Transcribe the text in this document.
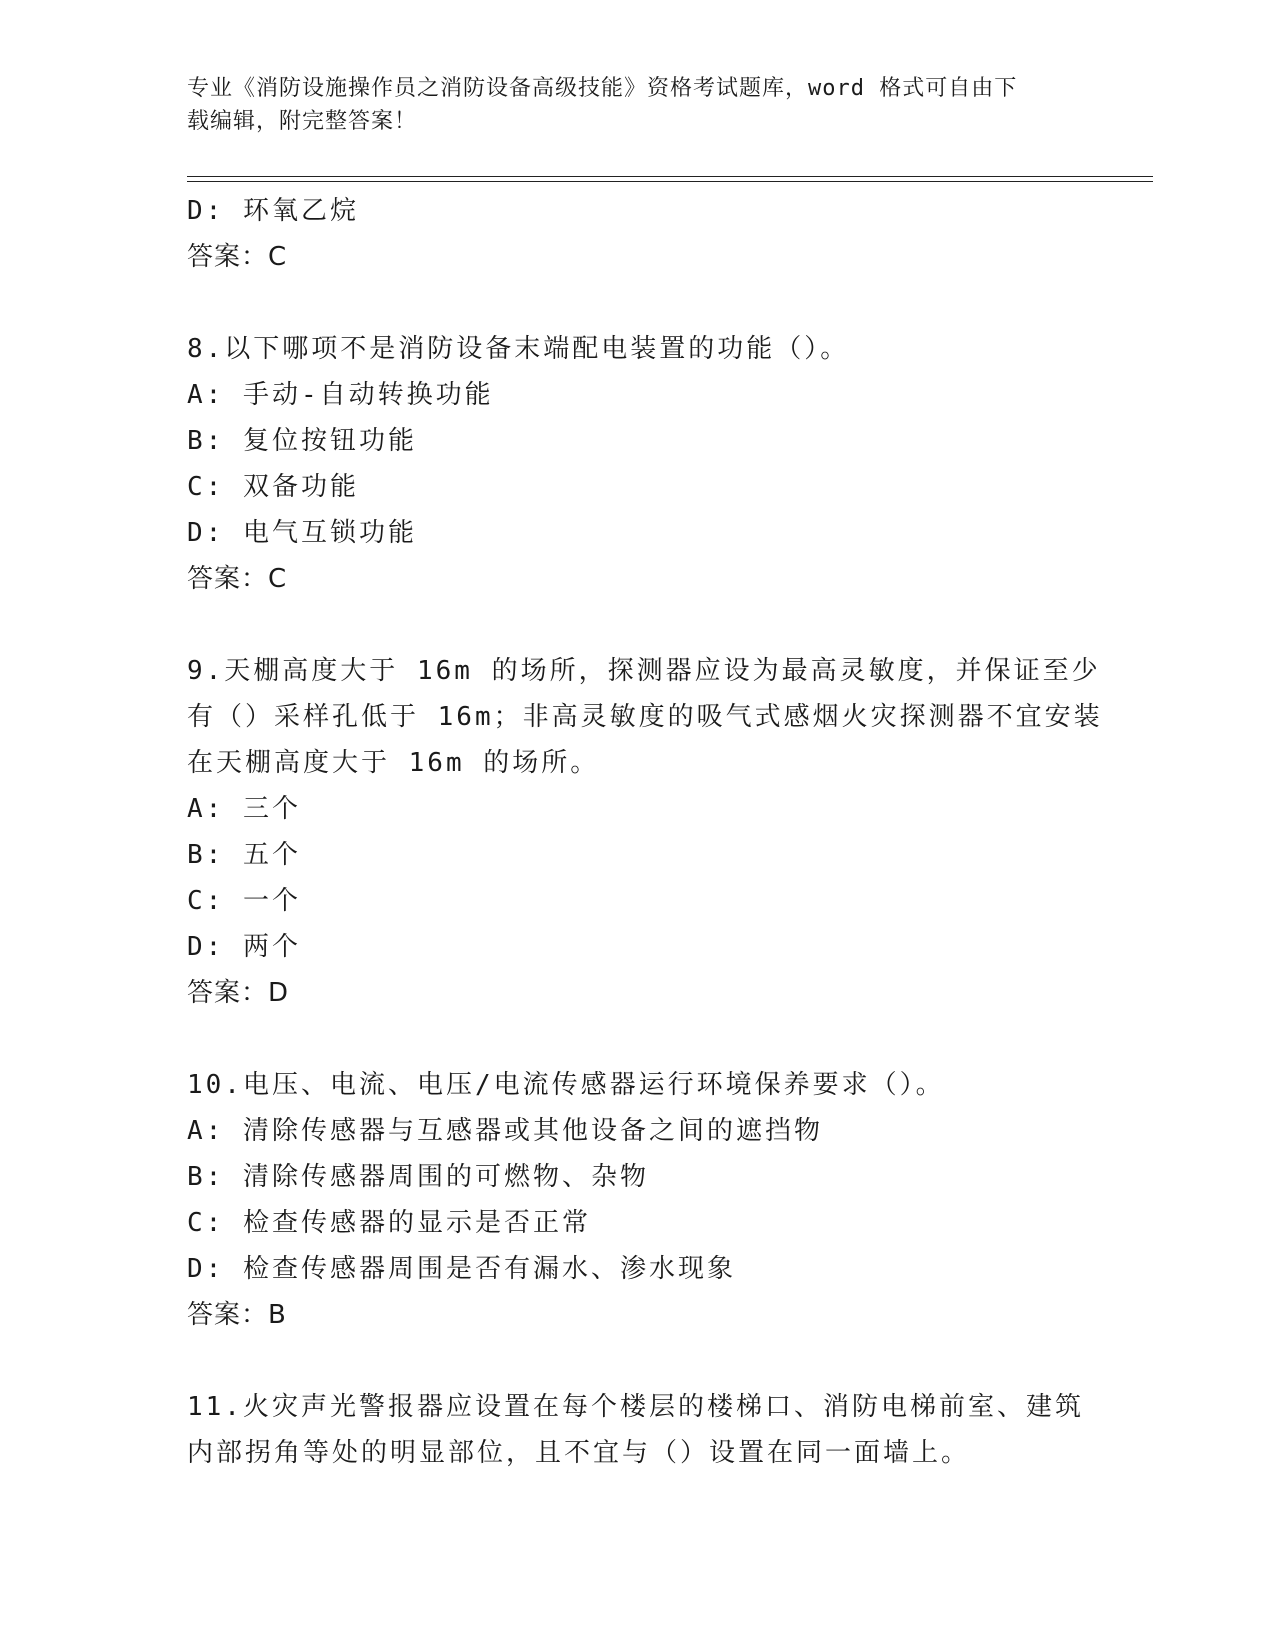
专业《消防设施操作员之消防设备高级技能》资格考试题库，word 格式可自由下
载编辑，附完整答案！
D: 环氧乙烷
答案：C
8.以下哪项不是消防设备末端配电装置的功能（）。
A: 手动-自动转换功能
B: 复位按钮功能
C: 双备功能
D: 电气互锁功能
答案：C
9.天棚高度大于 16m 的场所，探测器应设为最高灵敏度，并保证至少
有（）采样孔低于 16m；非高灵敏度的吸气式感烟火灾探测器不宜安装
在天棚高度大于 16m 的场所。
A: 三个
B: 五个
C: 一个
D: 两个
答案：D
10.电压、电流、电压/电流传感器运行环境保养要求（）。
A: 清除传感器与互感器或其他设备之间的遮挡物
B: 清除传感器周围的可燃物、杂物
C: 检查传感器的显示是否正常
D: 检查传感器周围是否有漏水、渗水现象
答案：B
11.火灾声光警报器应设置在每个楼层的楼梯口、消防电梯前室、建筑
内部拐角等处的明显部位，且不宜与（）设置在同一面墙上。
